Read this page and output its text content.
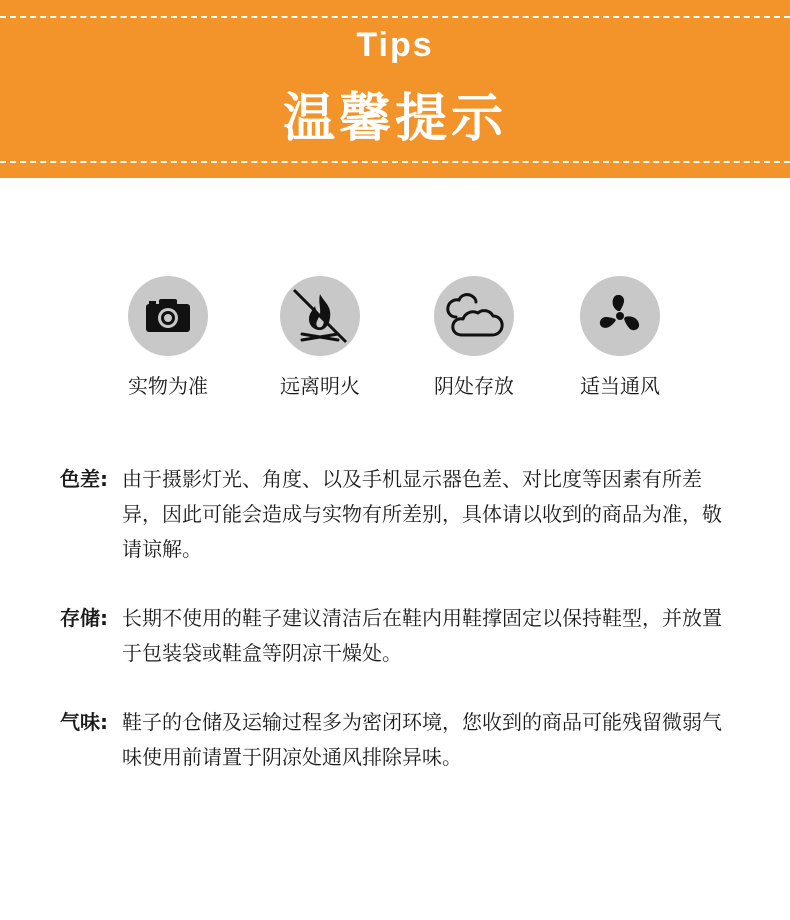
Tips
温馨提示
实物为准	远离明火	阴处存放	适当通风
色差: 由于摄影灯光、角度、以及手机显示器色差、对比度等因素有所差异，因此可能会造成与实物有所差别，具体请以收到的商品为准，敬请谅解。
存储: 长期不使用的鞋子建议清洁后在鞋内用鞋撑固定以保持鞋型，并放置于包装袋或鞋盒等阴凉干燥处。
气味: 鞋子的仓储及运输过程多为密闭环境，您收到的商品可能残留微弱气味使用前请置于阴凉处通风排除异味。
